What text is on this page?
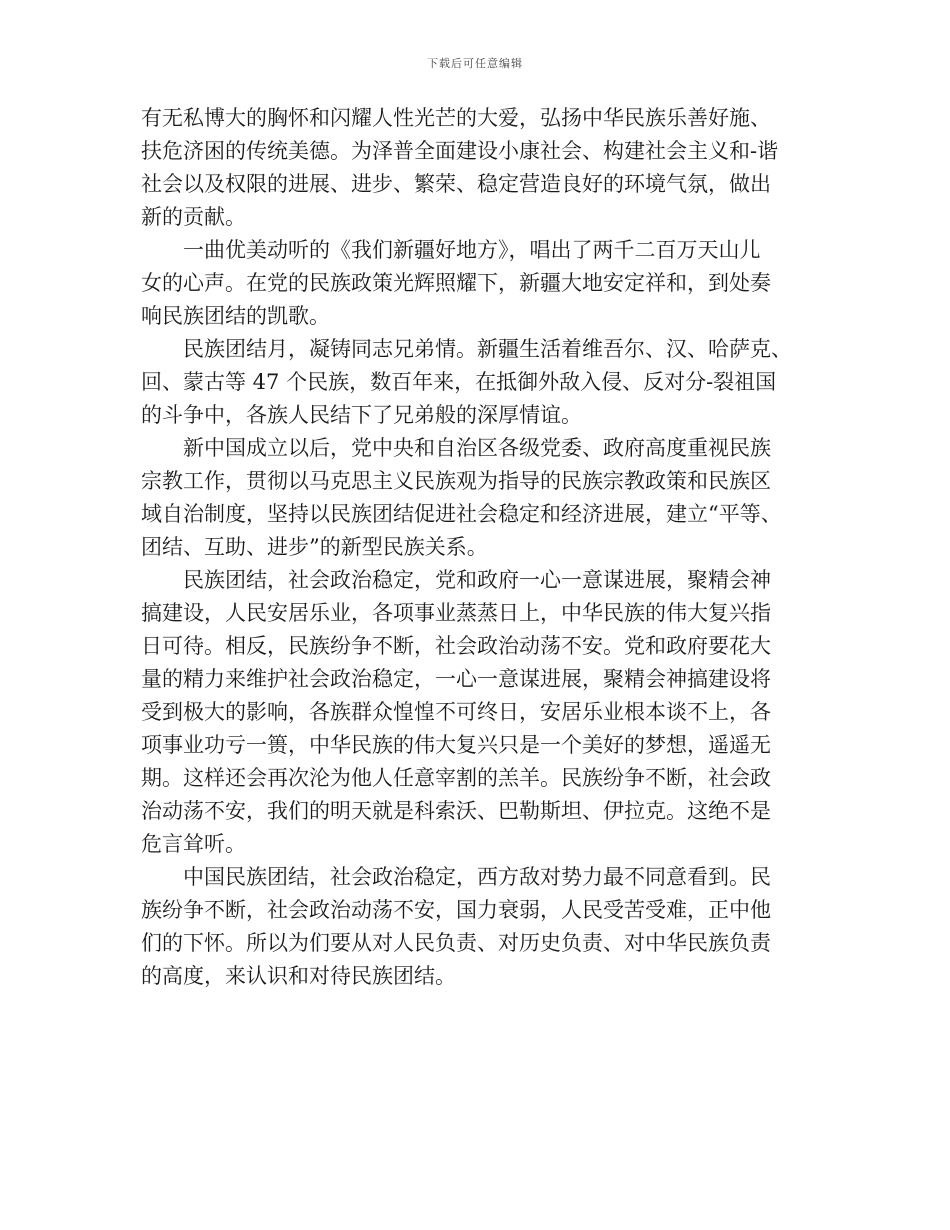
下载后可任意编辑
有无私博大的胸怀和闪耀人性光芒的大爱，弘扬中华民族乐善好施、
扶危济困的传统美德。为泽普全面建设小康社会、构建社会主义和-谐
社会以及权限的进展、进步、繁荣、稳定营造良好的环境气氛，做出
新的贡献。
　　一曲优美动听的《我们新疆好地方》，唱出了两千二百万天山儿
女的心声。在党的民族政策光辉照耀下，新疆大地安定祥和，到处奏
响民族团结的凯歌。
　　民族团结月，凝铸同志兄弟情。新疆生活着维吾尔、汉、哈萨克、
回、蒙古等 47 个民族，数百年来，在抵御外敌入侵、反对分-裂祖国
的斗争中，各族人民结下了兄弟般的深厚情谊。
　　新中国成立以后，党中央和自治区各级党委、政府高度重视民族
宗教工作，贯彻以马克思主义民族观为指导的民族宗教政策和民族区
域自治制度，坚持以民族团结促进社会稳定和经济进展，建立“平等、
团结、互助、进步”的新型民族关系。
　　民族团结，社会政治稳定，党和政府一心一意谋进展，聚精会神
搞建设，人民安居乐业，各项事业蒸蒸日上，中华民族的伟大复兴指
日可待。相反，民族纷争不断，社会政治动荡不安。党和政府要花大
量的精力来维护社会政治稳定，一心一意谋进展，聚精会神搞建设将
受到极大的影响，各族群众惶惶不可终日，安居乐业根本谈不上，各
项事业功亏一篑，中华民族的伟大复兴只是一个美好的梦想，遥遥无
期。这样还会再次沦为他人任意宰割的羔羊。民族纷争不断，社会政
治动荡不安，我们的明天就是科索沃、巴勒斯坦、伊拉克。这绝不是
危言耸听。
　　中国民族团结，社会政治稳定，西方敌对势力最不同意看到。民
族纷争不断，社会政治动荡不安，国力衰弱，人民受苦受难，正中他
们的下怀。所以为们要从对人民负责、对历史负责、对中华民族负责
的高度，来认识和对待民族团结。
